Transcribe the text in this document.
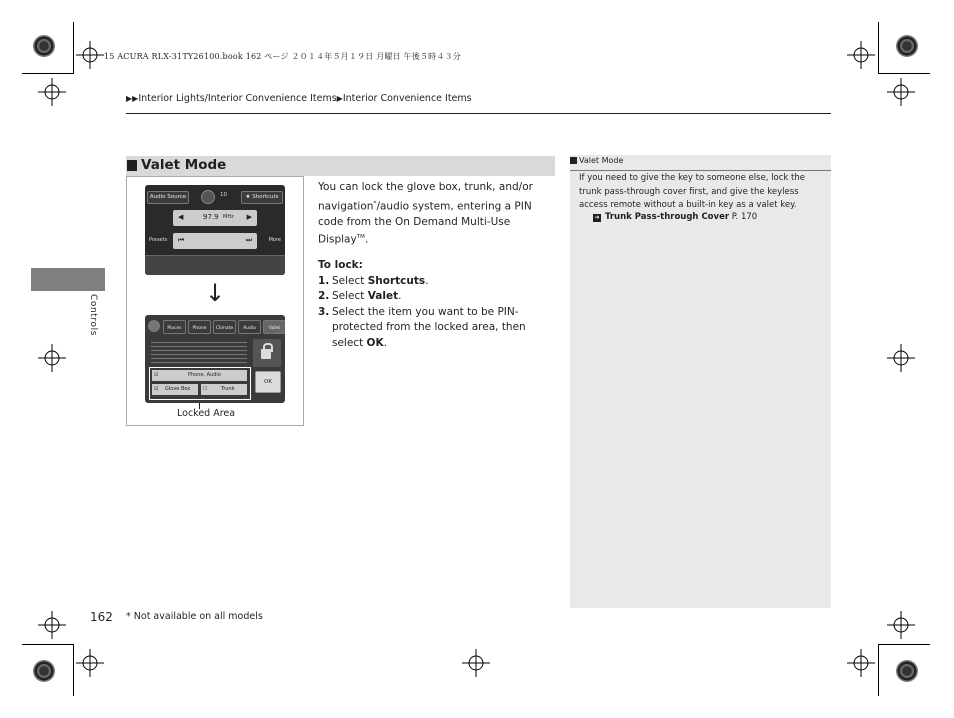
15 ACURA RLX-31TY26100.book 162 ページ ２０１４年５月１９日 月曜日 午後５時４３分
▶▶Interior Lights/Interior Convenience Items▶Interior Convenience Items
Controls
Valet Mode
Audio Source	10	★ Shortcuts
◀	97.9 MHz ▶
⏮	⏭
Presets	More
↓
Places	Phone	Climate	Audio	Valet
☑	Phone, Audio
☑ Glove Box	☐	Trunk
OK
Locked Area

You can lock the glove box, trunk, and/or navigation*/audio system, entering a PIN code from the On Demand Multi-Use Display™.

To lock:
1. Select Shortcuts.
2. Select Valet.
3. Select the item you want to be PIN-protected from the locked area, then select OK.
Valet Mode
If you need to give the key to someone else, lock the trunk pass-through cover first, and give the keyless access remote without a built-in key as a valet key.
➔ Trunk Pass-through Cover P. 170
162 * Not available on all models
